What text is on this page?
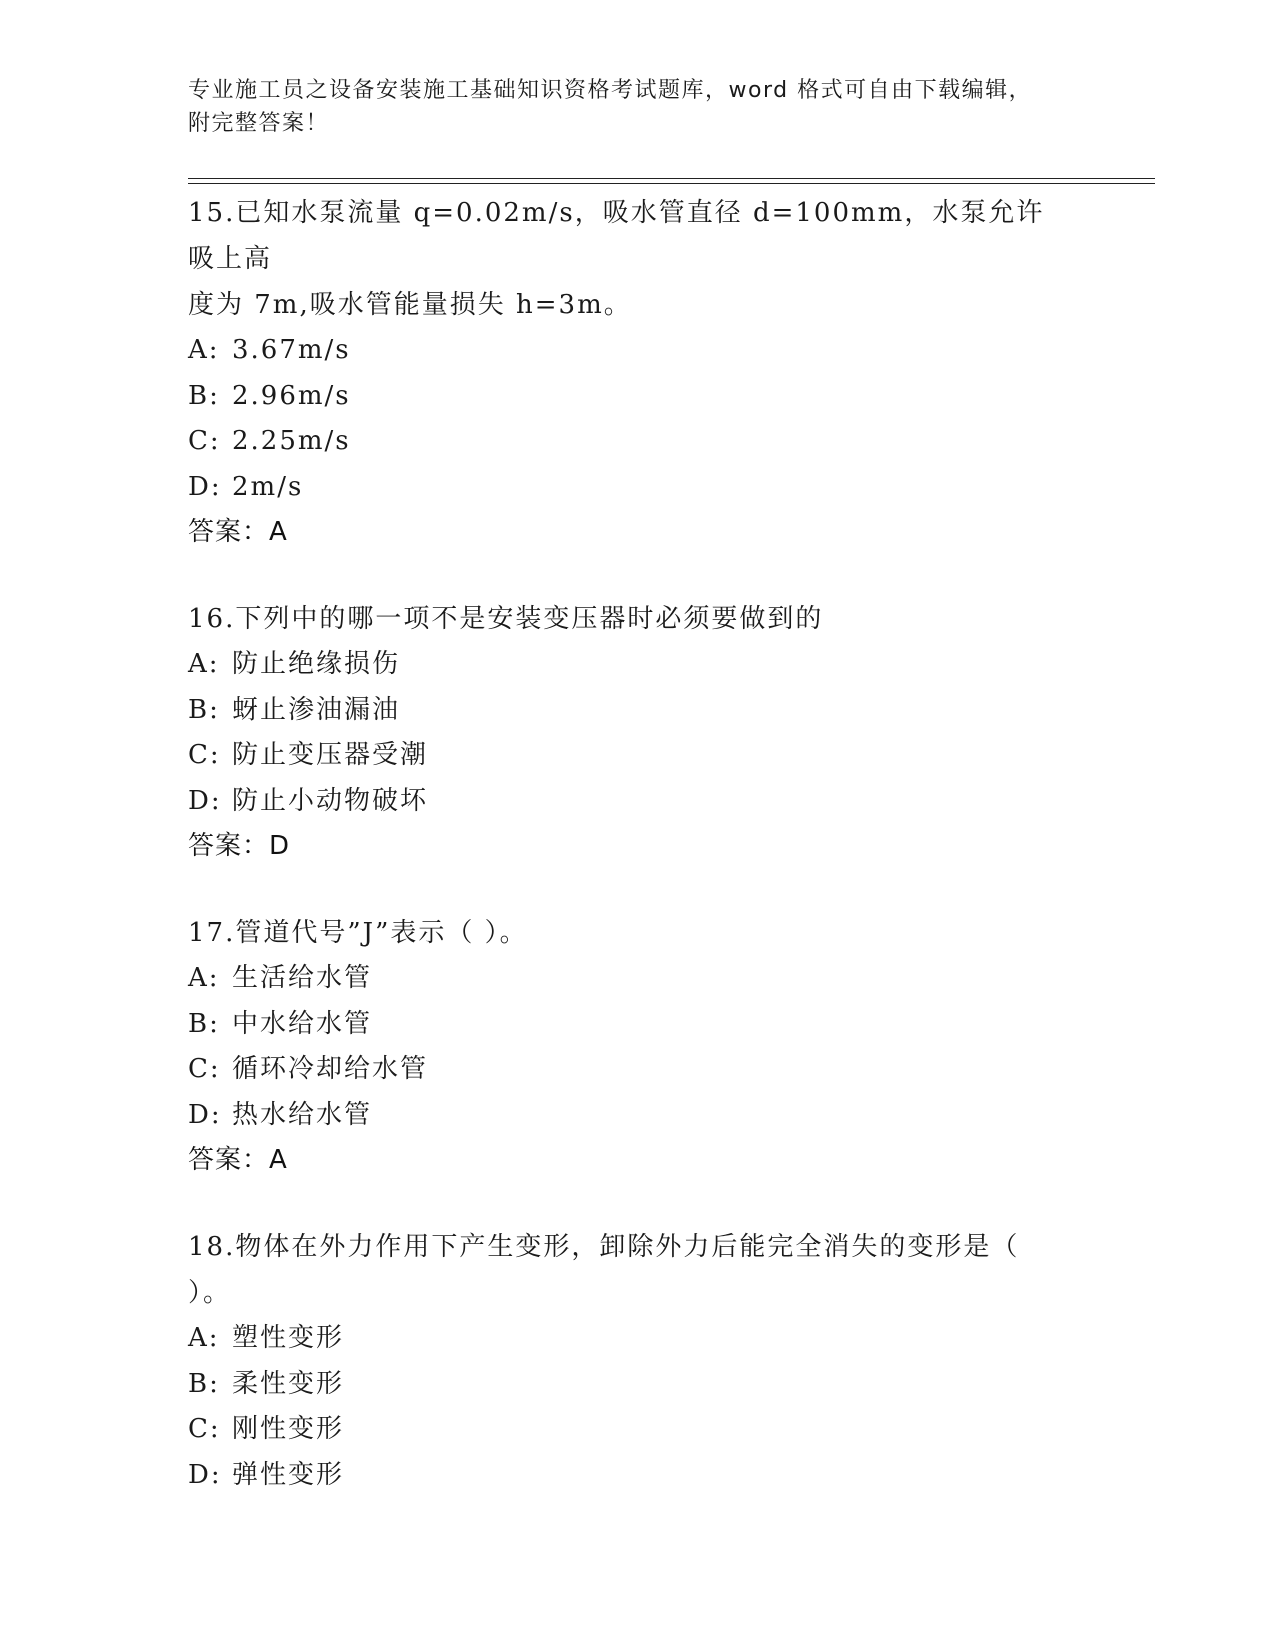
专业施工员之设备安装施工基础知识资格考试题库，word 格式可自由下载编辑，
附完整答案！
15.已知水泵流量 q=0.02m/s，吸水管直径 d=100mm，水泵允许吸上高
度为 7m,吸水管能量损失 h=3m。
A: 3.67m/s
B: 2.96m/s
C: 2.25m/s
D: 2m/s
答案：A
16.下列中的哪一项不是安装变压器时必须要做到的
A: 防止绝缘损伤
B: 蚜止渗油漏油
C: 防止变压器受潮
D: 防止小动物破坏
答案：D
17.管道代号”J”表示（ ）。
A: 生活给水管
B: 中水给水管
C: 循环冷却给水管
D: 热水给水管
答案：A
18.物体在外力作用下产生变形，卸除外力后能完全消失的变形是（
）。
A: 塑性变形
B: 柔性变形
C: 刚性变形
D: 弹性变形
